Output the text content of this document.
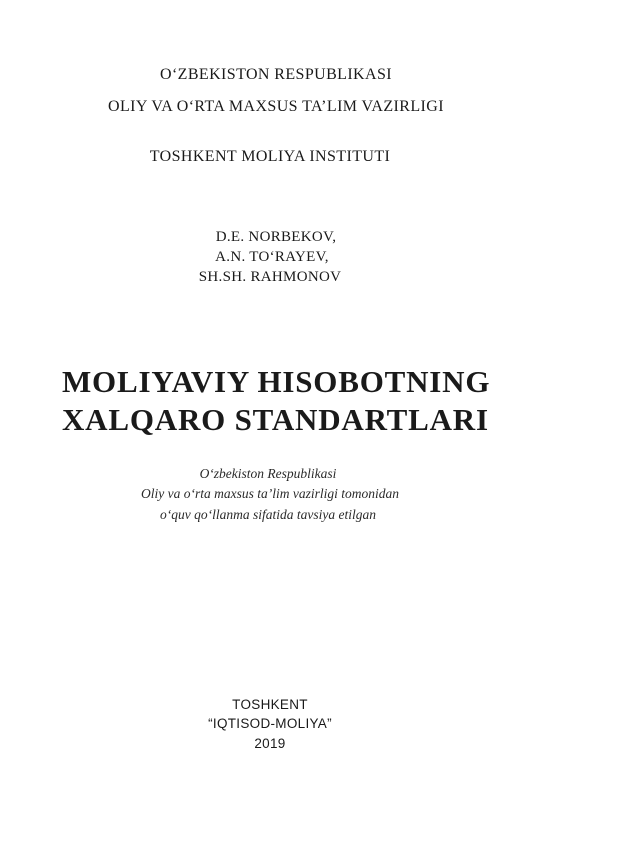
O‘ZBEKISTON RESPUBLIKASI
OLIY VA O‘RTA MAXSUS TA’LIM VAZIRLIGI
TOSHKENT MOLIYA INSTITUTI
D.E. NORBEKOV,
A.N. TO‘RAYEV,
SH.SH. RAHMONOV
MOLIYAVIY HISOBOTNING
XALQARO STANDARTLARI
O‘zbekiston Respublikasi
Oliy va o‘rta maxsus ta’lim vazirligi tomonidan
o‘quv qo‘llanma sifatida tavsiya etilgan
TOSHKENT
“IQTISOD-MOLIYA”
2019
